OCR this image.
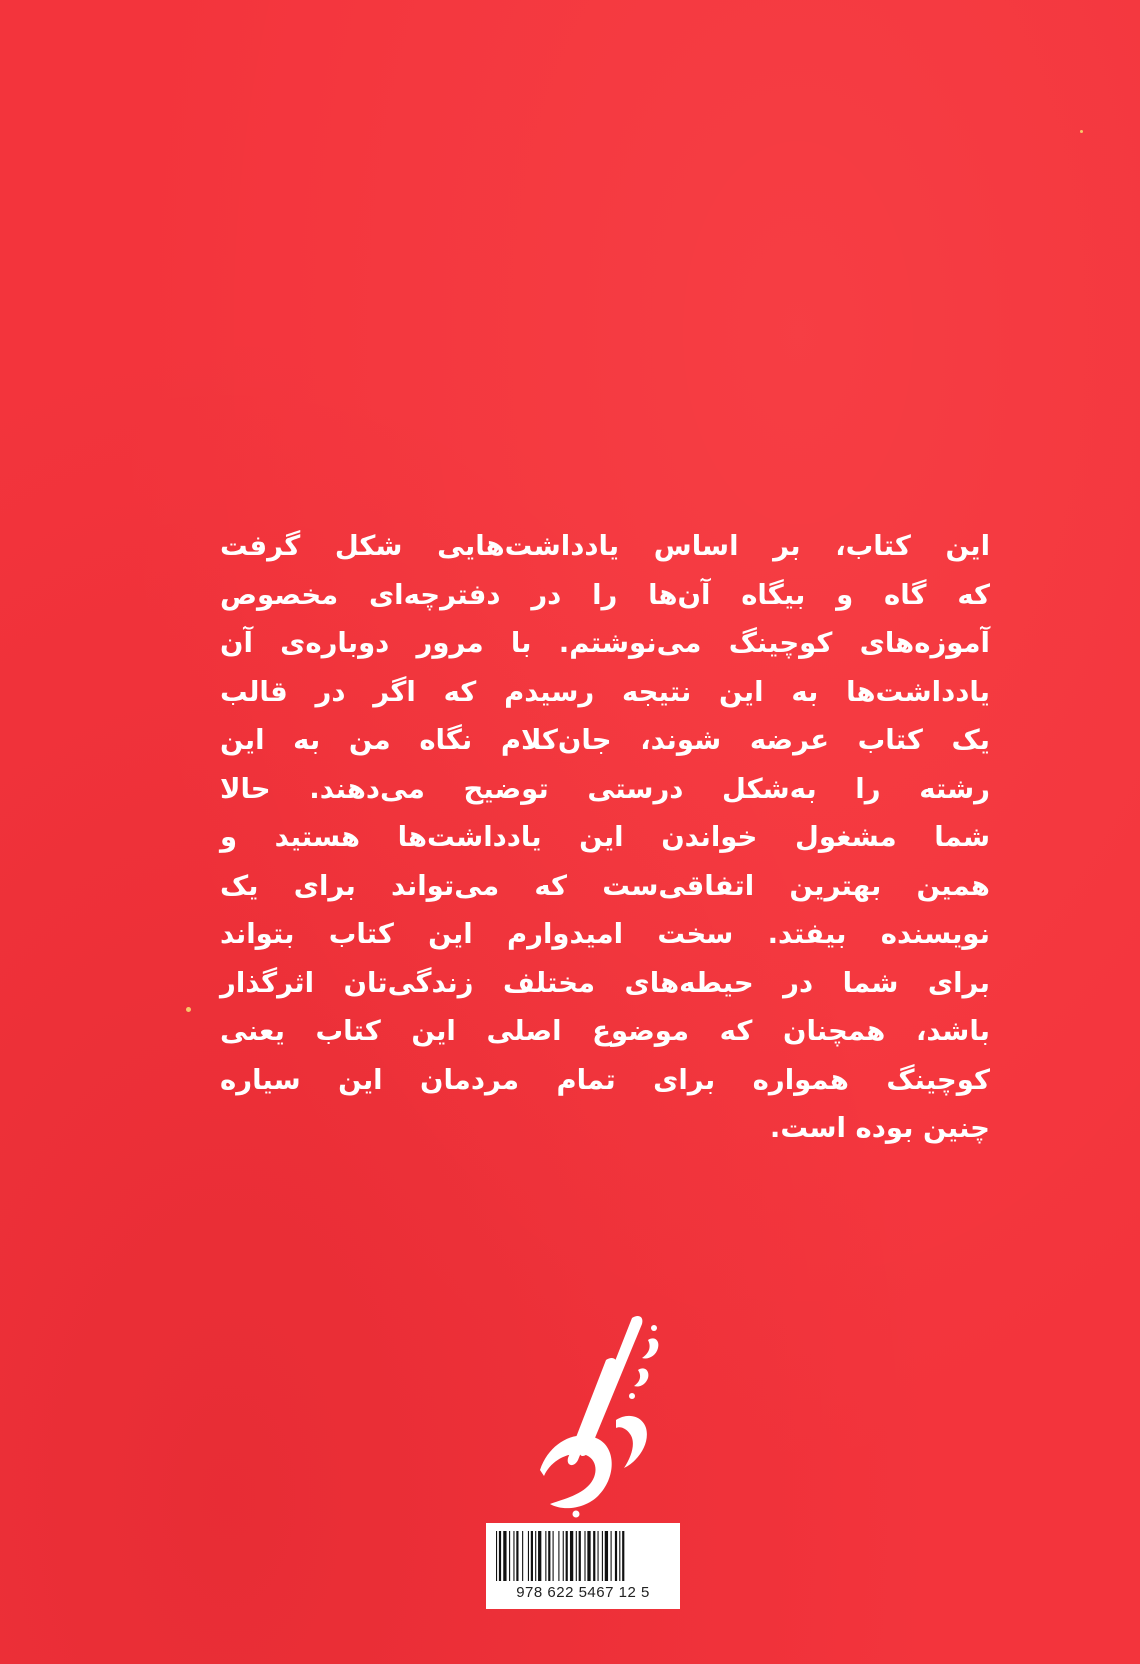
این کتاب، بر اساس یادداشت‌هایی شکل گرفت
که گاه و بیگاه آن‌ها را در دفترچه‌ای مخصوص
آموزه‌های کوچینگ می‌نوشتم. با مرور دوباره‌ی آن
یادداشت‌ها به این نتیجه رسیدم که اگر در قالب
یک کتاب عرضه شوند، جان‌کلام نگاه من به این
رشته را به‌شکل درستی توضیح می‌دهند. حالا
شما مشغول خواندن این یادداشت‌ها هستید و
همین بهترین اتفاقی‌ست که می‌تواند برای یک
نویسنده بیفتد. سخت امیدوارم این کتاب بتواند
برای شما در حیطه‌های مختلف زندگی‌تان اثرگذار
باشد، همچنان که موضوع اصلی این کتاب یعنی
کوچینگ همواره برای تمام مردمان این سیاره
چنین بوده است.
978 622 5467 12 5
